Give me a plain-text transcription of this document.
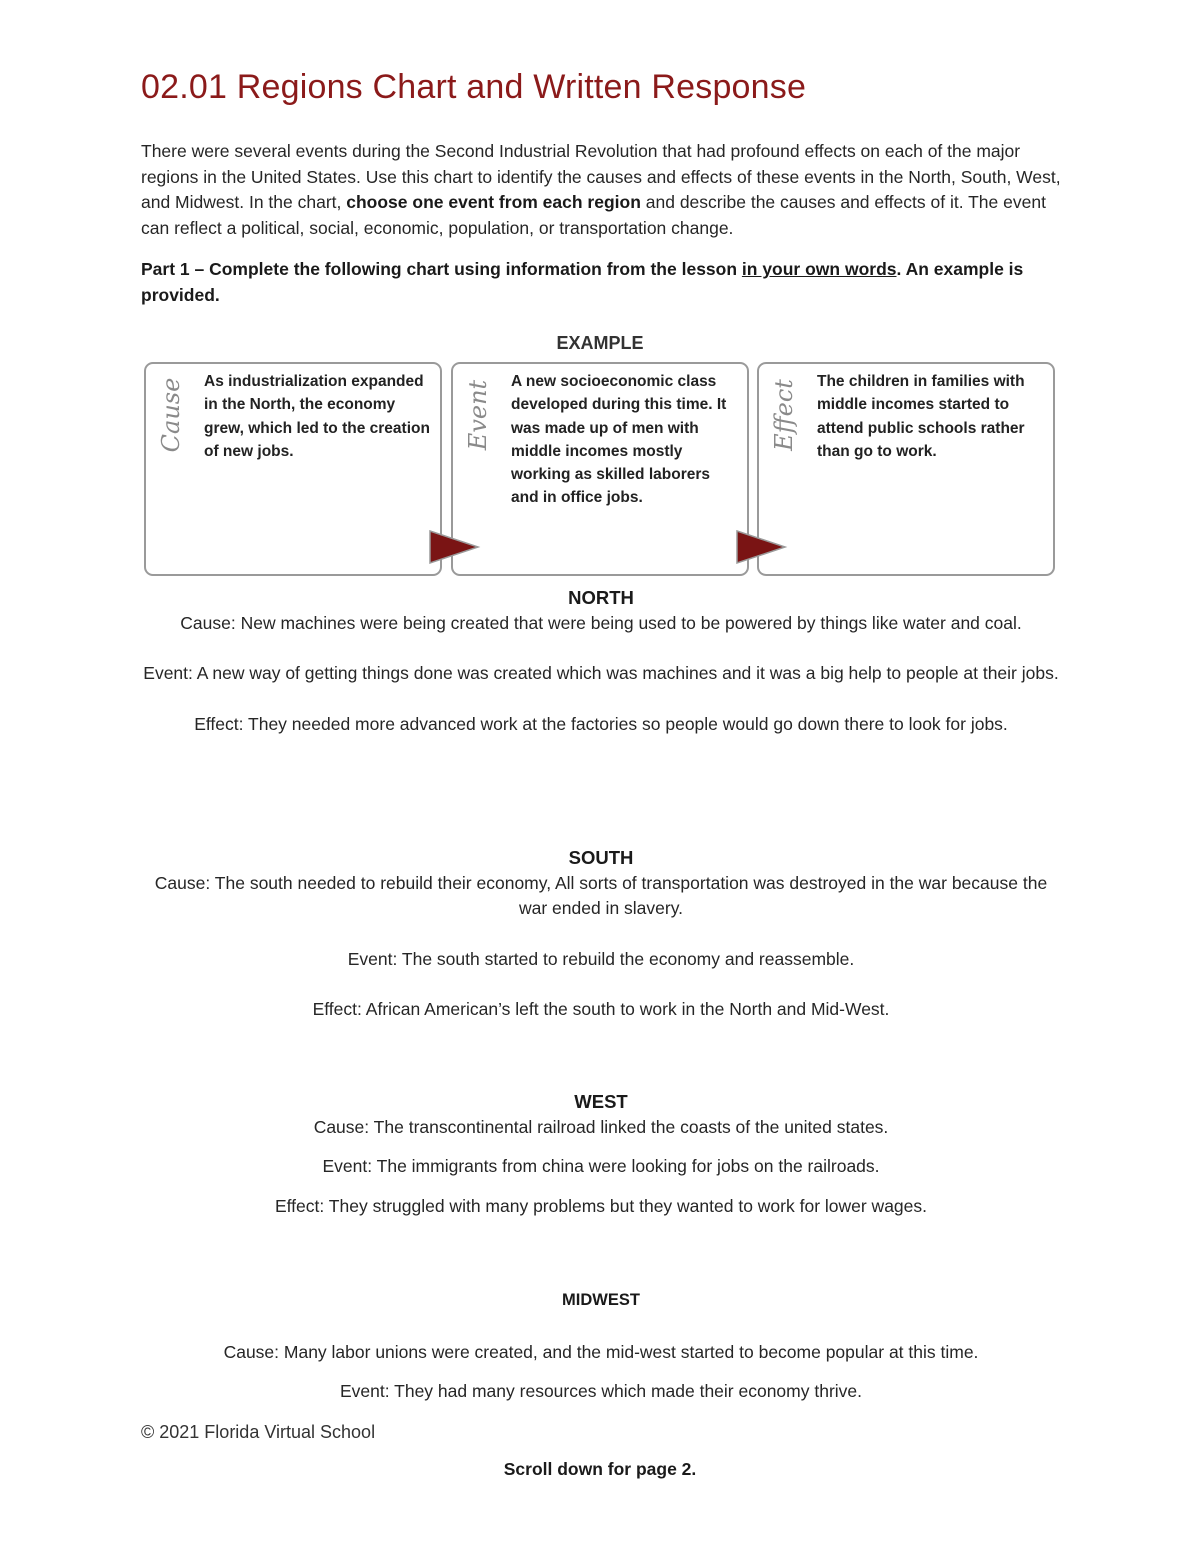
02.01 Regions Chart and Written Response
There were several events during the Second Industrial Revolution that had profound effects on each of the major regions in the United States. Use this chart to identify the causes and effects of these events in the North, South, West, and Midwest. In the chart, choose one event from each region and describe the causes and effects of it. The event can reflect a political, social, economic, population, or transportation change.
Part 1 – Complete the following chart using information from the lesson in your own words. An example is provided.
EXAMPLE
Cause As industrialization expanded in the North, the economy grew, which led to the creation of new jobs.
Event A new socioeconomic class developed during this time. It was made up of men with middle incomes mostly working as skilled laborers and in office jobs.
Effect The children in families with middle incomes started to attend public schools rather than go to work.

NORTH

Cause: New machines were being created that were being used to be powered by things like water and coal.

Event: A new way of getting things done was created which was machines and it was a big help to people at their jobs.

Effect: They needed more advanced work at the factories so people would go down there to look for jobs.

SOUTH

Cause: The south needed to rebuild their economy, All sorts of transportation was destroyed in the war because the war ended in slavery.

Event: The south started to rebuild the economy and reassemble.

Effect: African American’s left the south to work in the North and Mid-West.

WEST

Cause: The transcontinental railroad linked the coasts of the united states.

Event: The immigrants from china were looking for jobs on the railroads.

Effect: They struggled with many problems but they wanted to work for lower wages.

MIDWEST

Cause: Many labor unions were created, and the mid-west started to become popular at this time.

Event: They had many resources which made their economy thrive.

© 2021 Florida Virtual School
Scroll down for page 2.
